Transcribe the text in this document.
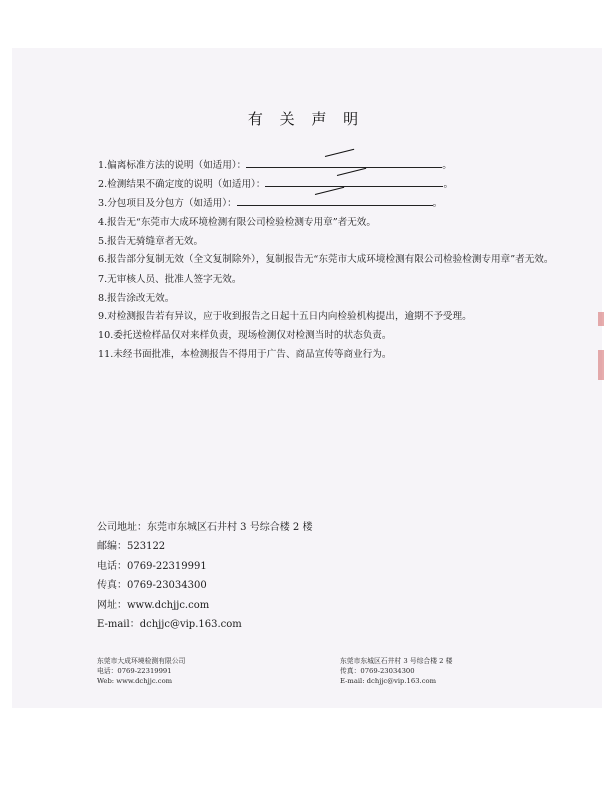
有 关 声 明
1.偏离标准方法的说明（如适用）：	。
2.检测结果不确定度的说明（如适用）：	。
3.分包项目及分包方（如适用）：	。
4.报告无“东莞市大成环境检测有限公司检验检测专用章”者无效。
5.报告无骑缝章者无效。
6.报告部分复制无效（全文复制除外），复制报告无“东莞市大成环境检测有限公司检验检测专用章”者无效。
7.无审核人员、批准人签字无效。
8.报告涂改无效。
9.对检测报告若有异议，应于收到报告之日起十五日内向检验机构提出，逾期不予受理。
10.委托送检样品仅对来样负责，现场检测仅对检测当时的状态负责。
11.未经书面批准，本检测报告不得用于广告、商品宣传等商业行为。
公司地址：东莞市东城区石井村 3 号综合楼 2 楼
邮编：523122
电话：0769-22319991
传真：0769-23034300
网址：www.dchjjc.com
E-mail：dchjjc@vip.163.com
东莞市大成环境检测有限公司
电话：0769-22319991
Web: www.dchjjc.com
东莞市东城区石井村 3 号综合楼 2 楼
传真：0769-23034300
E-mail: dchjjc@vip.163.com
